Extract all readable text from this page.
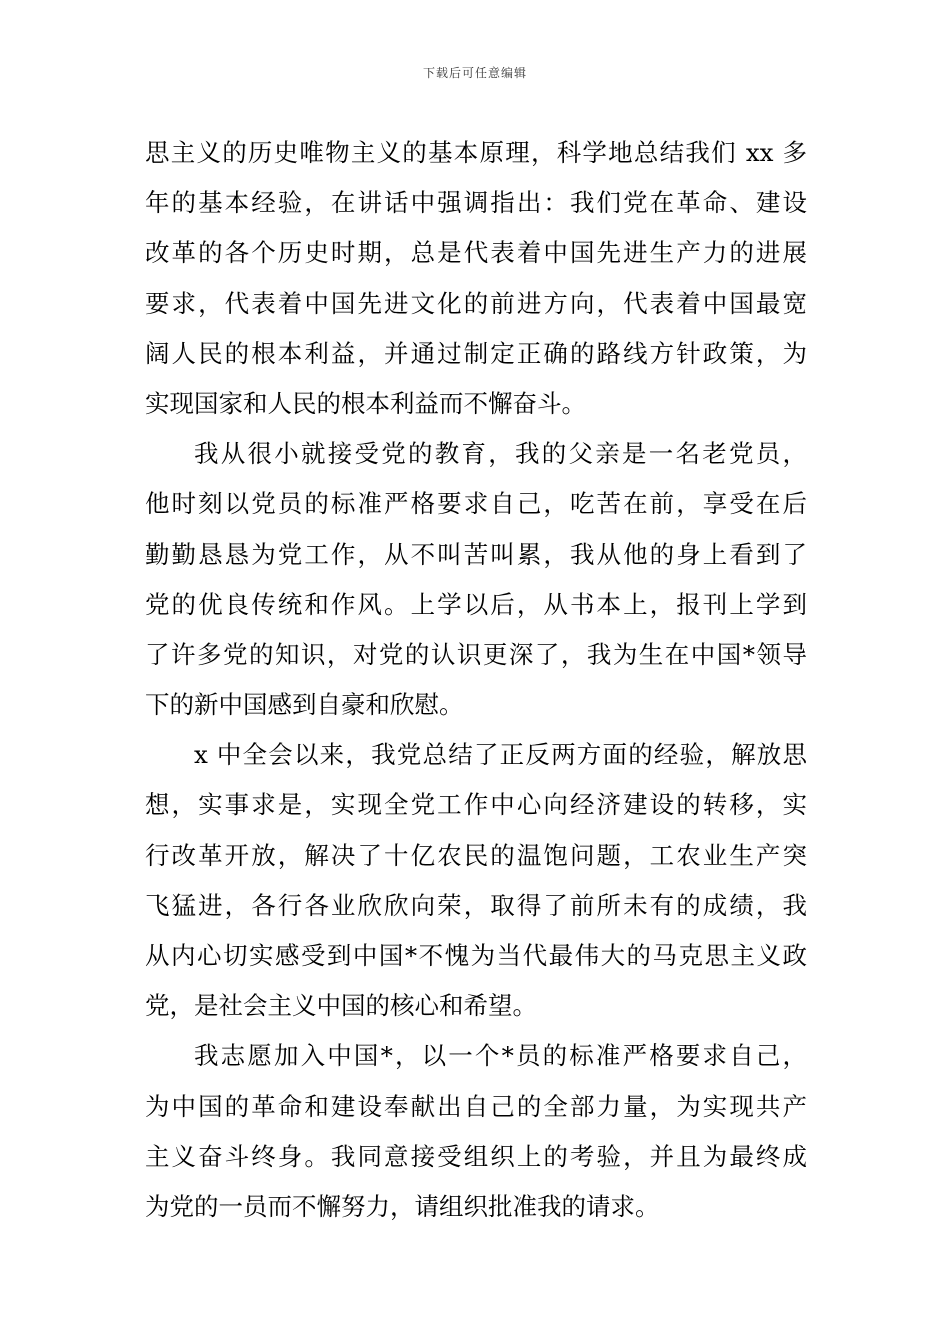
下载后可任意编辑
思主义的历史唯物主义的基本原理，科学地总结我们 xx 多
年的基本经验，在讲话中强调指出：我们党在革命、建设
改革的各个历史时期，总是代表着中国先进生产力的进展
要求，代表着中国先进文化的前进方向，代表着中国最宽
阔人民的根本利益，并通过制定正确的路线方针政策，为
实现国家和人民的根本利益而不懈奋斗。
我从很小就接受党的教育，我的父亲是一名老党员，
他时刻以党员的标准严格要求自己，吃苦在前，享受在后
勤勤恳恳为党工作，从不叫苦叫累，我从他的身上看到了
党的优良传统和作风。上学以后，从书本上，报刊上学到
了许多党的知识，对党的认识更深了，我为生在中国*领导
下的新中国感到自豪和欣慰。
x 中全会以来，我党总结了正反两方面的经验，解放思
想，实事求是，实现全党工作中心向经济建设的转移，实
行改革开放，解决了十亿农民的温饱问题，工农业生产突
飞猛进，各行各业欣欣向荣，取得了前所未有的成绩，我
从内心切实感受到中国*不愧为当代最伟大的马克思主义政
党，是社会主义中国的核心和希望。
我志愿加入中国*，以一个*员的标准严格要求自己，
为中国的革命和建设奉献出自己的全部力量，为实现共产
主义奋斗终身。我同意接受组织上的考验，并且为最终成
为党的一员而不懈努力，请组织批准我的请求。
